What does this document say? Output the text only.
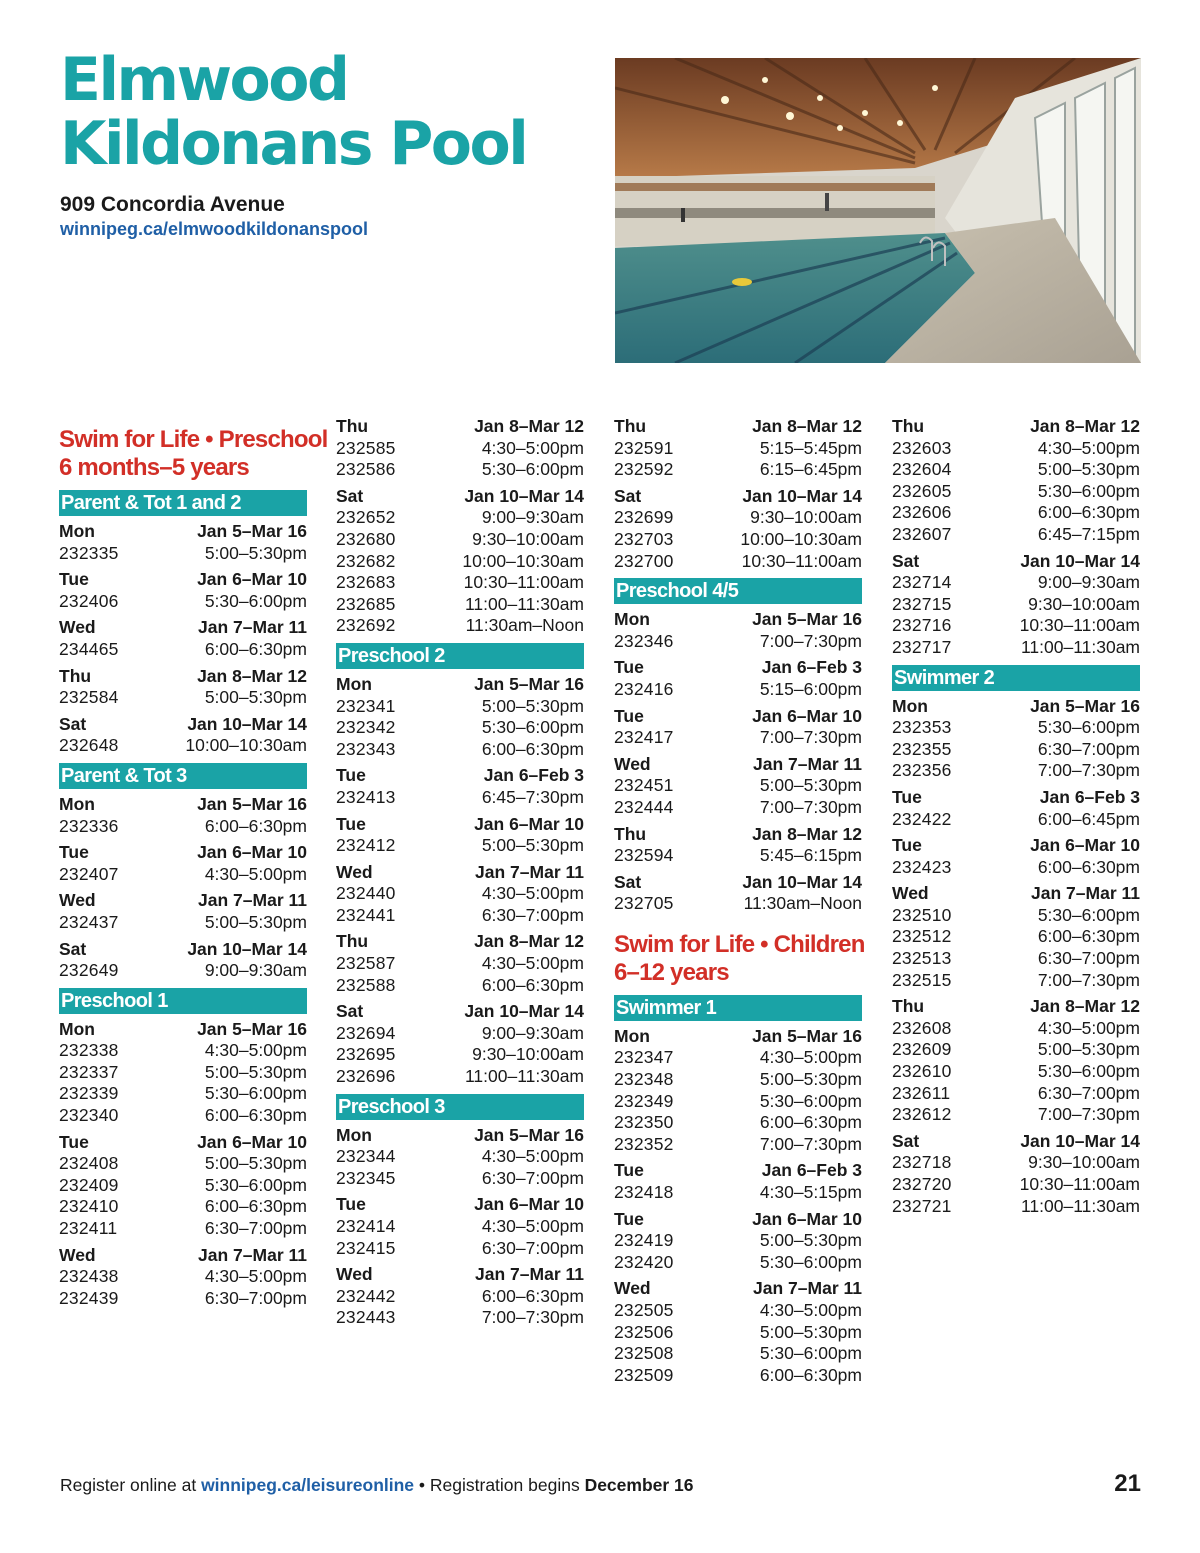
Elmwood
Kildonans Pool
909 Concordia Avenue
winnipeg.ca/elmwoodkildonanspool
Swim for Life • Preschool
6 months–5 years
Parent & Tot 1 and 2
Mon	Jan 5–Mar 16
232335	5:00–5:30pm
Tue	Jan 6–Mar 10
232406	5:30–6:00pm
Wed	Jan 7–Mar 11
234465	6:00–6:30pm
Thu	Jan 8–Mar 12
232584	5:00–5:30pm
Sat	Jan 10–Mar 14
232648	10:00–10:30am
Parent & Tot 3
Mon	Jan 5–Mar 16
232336	6:00–6:30pm
Tue	Jan 6–Mar 10
232407	4:30–5:00pm
Wed	Jan 7–Mar 11
232437	5:00–5:30pm
Sat	Jan 10–Mar 14
232649	9:00–9:30am
Preschool 1
Mon	Jan 5–Mar 16
232338	4:30–5:00pm
232337	5:00–5:30pm
232339	5:30–6:00pm
232340	6:00–6:30pm
Tue	Jan 6–Mar 10
232408	5:00–5:30pm
232409	5:30–6:00pm
232410	6:00–6:30pm
232411	6:30–7:00pm
Wed	Jan 7–Mar 11
232438	4:30–5:00pm
232439	6:30–7:00pm
Thu	Jan 8–Mar 12
232585	4:30–5:00pm
232586	5:30–6:00pm
Sat	Jan 10–Mar 14
232652	9:00–9:30am
232680	9:30–10:00am
232682	10:00–10:30am
232683	10:30–11:00am
232685	11:00–11:30am
232692	11:30am–Noon
Preschool 2
Mon	Jan 5–Mar 16
232341	5:00–5:30pm
232342	5:30–6:00pm
232343	6:00–6:30pm
Tue	Jan 6–Feb 3
232413	6:45–7:30pm
Tue	Jan 6–Mar 10
232412	5:00–5:30pm
Wed	Jan 7–Mar 11
232440	4:30–5:00pm
232441	6:30–7:00pm
Thu	Jan 8–Mar 12
232587	4:30–5:00pm
232588	6:00–6:30pm
Sat	Jan 10–Mar 14
232694	9:00–9:30am
232695	9:30–10:00am
232696	11:00–11:30am
Preschool 3
Mon	Jan 5–Mar 16
232344	4:30–5:00pm
232345	6:30–7:00pm
Tue	Jan 6–Mar 10
232414	4:30–5:00pm
232415	6:30–7:00pm
Wed	Jan 7–Mar 11
232442	6:00–6:30pm
232443	7:00–7:30pm
Thu	Jan 8–Mar 12
232591	5:15–5:45pm
232592	6:15–6:45pm
Sat	Jan 10–Mar 14
232699	9:30–10:00am
232703	10:00–10:30am
232700	10:30–11:00am
Preschool 4/5
Mon	Jan 5–Mar 16
232346	7:00–7:30pm
Tue	Jan 6–Feb 3
232416	5:15–6:00pm
Tue	Jan 6–Mar 10
232417	7:00–7:30pm
Wed	Jan 7–Mar 11
232451	5:00–5:30pm
232444	7:00–7:30pm
Thu	Jan 8–Mar 12
232594	5:45–6:15pm
Sat	Jan 10–Mar 14
232705	11:30am–Noon
Swim for Life • Children
6–12 years
Swimmer 1
Mon	Jan 5–Mar 16
232347	4:30–5:00pm
232348	5:00–5:30pm
232349	5:30–6:00pm
232350	6:00–6:30pm
232352	7:00–7:30pm
Tue	Jan 6–Feb 3
232418	4:30–5:15pm
Tue	Jan 6–Mar 10
232419	5:00–5:30pm
232420	5:30–6:00pm
Wed	Jan 7–Mar 11
232505	4:30–5:00pm
232506	5:00–5:30pm
232508	5:30–6:00pm
232509	6:00–6:30pm
Thu	Jan 8–Mar 12
232603	4:30–5:00pm
232604	5:00–5:30pm
232605	5:30–6:00pm
232606	6:00–6:30pm
232607	6:45–7:15pm
Sat	Jan 10–Mar 14
232714	9:00–9:30am
232715	9:30–10:00am
232716	10:30–11:00am
232717	11:00–11:30am
Swimmer 2
Mon	Jan 5–Mar 16
232353	5:30–6:00pm
232355	6:30–7:00pm
232356	7:00–7:30pm
Tue	Jan 6–Feb 3
232422	6:00–6:45pm
Tue	Jan 6–Mar 10
232423	6:00–6:30pm
Wed	Jan 7–Mar 11
232510	5:30–6:00pm
232512	6:00–6:30pm
232513	6:30–7:00pm
232515	7:00–7:30pm
Thu	Jan 8–Mar 12
232608	4:30–5:00pm
232609	5:00–5:30pm
232610	5:30–6:00pm
232611	6:30–7:00pm
232612	7:00–7:30pm
Sat	Jan 10–Mar 14
232718	9:30–10:00am
232720	10:30–11:00am
232721	11:00–11:30am
Register online at winnipeg.ca/leisureonline • Registration begins December 16	21
